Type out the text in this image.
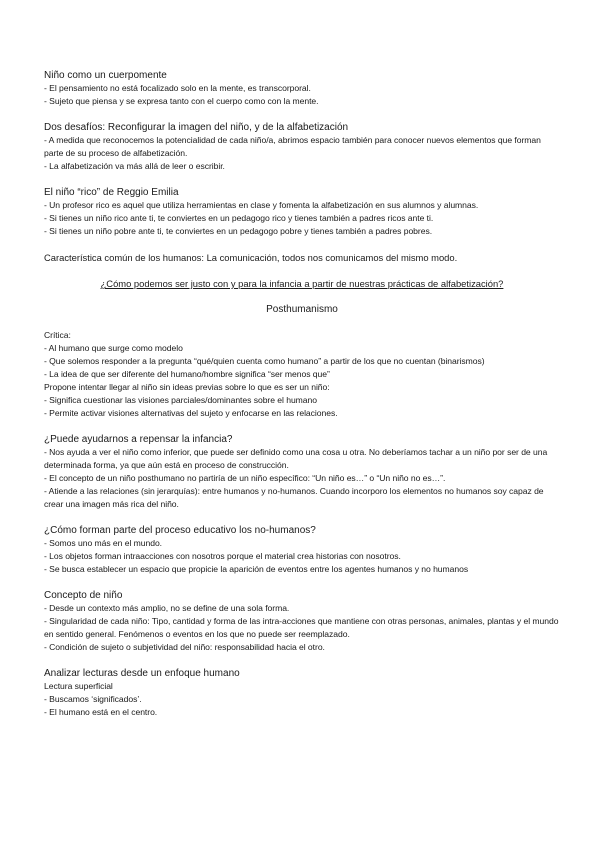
Niño como un cuerpomente

- El pensamiento no está focalizado solo en la mente, es transcorporal.

- Sujeto que piensa y se expresa tanto con el cuerpo como con la mente.

Dos desafíos: Reconfigurar la imagen del niño, y de la alfabetización

- A medida que reconocemos la potencialidad de cada niño/a, abrimos espacio también para conocer nuevos elementos que forman parte de su proceso de alfabetización.

- La alfabetización va más allá de leer o escribir.

El niño “rico” de Reggio Emilia

- Un profesor rico es aquel que utiliza herramientas en clase y fomenta la alfabetización en sus alumnos y alumnas.

- Si tienes un niño rico ante ti, te conviertes en un pedagogo rico y tienes también a padres ricos ante ti.

- Si tienes un niño pobre ante ti, te conviertes en un pedagogo pobre y tienes también a padres pobres.

Característica común de los humanos: La comunicación, todos nos comunicamos del mismo modo.

¿Cómo podemos ser justo con y para la infancia a partir de nuestras prácticas de alfabetización?

Posthumanismo

Crítica:

- Al humano que surge como modelo

- Que solemos responder a la pregunta “qué/quien cuenta como humano” a partir de los que no cuentan (binarismos)

- La idea de que ser diferente del humano/hombre significa “ser menos que”

Propone intentar llegar al niño sin ideas previas sobre lo que es ser un niño:

- Significa cuestionar las visiones parciales/dominantes sobre el humano

- Permite activar visiones alternativas del sujeto y enfocarse en las relaciones.

¿Puede ayudarnos a repensar la infancia?

- Nos ayuda a ver el niño como inferior, que puede ser definido como una cosa u otra. No deberíamos tachar a un niño por ser de una determinada forma, ya que aún está en proceso de construcción.

- El concepto de un niño posthumano no partiría de un niño específico: “Un niño es…” o “Un niño no es…”.

- Atiende a las relaciones (sin jerarquías): entre humanos y no-humanos. Cuando incorporo los elementos no humanos soy capaz de crear una imagen más rica del niño.

¿Cómo forman parte del proceso educativo los no-humanos?

- Somos uno más en el mundo.

- Los objetos forman intraacciones con nosotros porque el material crea historias con nosotros.

- Se busca establecer un espacio que propicie la aparición de eventos entre los agentes humanos y no humanos

Concepto de niño

- Desde un contexto más amplio, no se define de una sola forma.

- Singularidad de cada niño: Tipo, cantidad y forma de las intra-acciones que mantiene con otras personas, animales, plantas y el mundo en sentido general. Fenómenos o eventos en los que no puede ser reemplazado.

- Condición de sujeto o subjetividad del niño: responsabilidad hacia el otro.

Analizar lecturas desde un enfoque humano

Lectura superficial

- Buscamos ‘significados’.

- El humano está en el centro.
